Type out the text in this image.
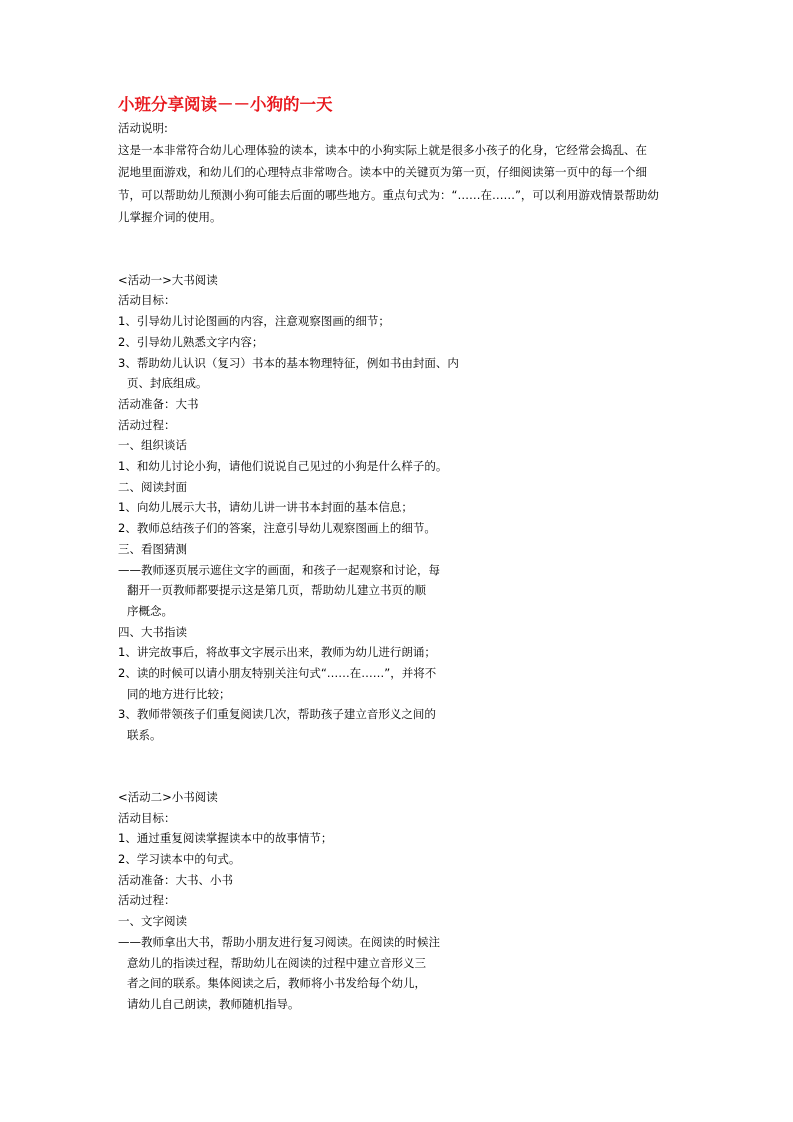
小班分享阅读－－小狗的一天
活动说明:
这是一本非常符合幼儿心理体验的读本，读本中的小狗实际上就是很多小孩子的化身，它经常会捣乱、在
泥地里面游戏，和幼儿们的心理特点非常吻合。读本中的关键页为第一页，仔细阅读第一页中的每一个细
节，可以帮助幼儿预测小狗可能去后面的哪些地方。重点句式为：“……在……”，可以利用游戏情景帮助幼
儿掌握介词的使用。
<活动一>大书阅读
活动目标：
1、引导幼儿讨论图画的内容，注意观察图画的细节；
2、引导幼儿熟悉文字内容；
3、帮助幼儿认识（复习）书本的基本物理特征，例如书由封面、内
页、封底组成。
活动准备：大书
活动过程：
一、组织谈话
1、和幼儿讨论小狗，请他们说说自己见过的小狗是什么样子的。
二、阅读封面
1、向幼儿展示大书，请幼儿讲一讲书本封面的基本信息；
2、教师总结孩子们的答案，注意引导幼儿观察图画上的细节。
三、看图猜测
——教师逐页展示遮住文字的画面，和孩子一起观察和讨论，每
翻开一页教师都要提示这是第几页，帮助幼儿建立书页的顺
序概念。
四、大书指读
1、讲完故事后，将故事文字展示出来，教师为幼儿进行朗诵；
2、读的时候可以请小朋友特别关注句式“……在……”，并将不
同的地方进行比较；
3、教师带领孩子们重复阅读几次，帮助孩子建立音形义之间的
联系。
<活动二>小书阅读
活动目标：
1、通过重复阅读掌握读本中的故事情节；
2、学习读本中的句式。
活动准备：大书、小书
活动过程：
一、文字阅读
——教师拿出大书，帮助小朋友进行复习阅读。在阅读的时候注
意幼儿的指读过程，帮助幼儿在阅读的过程中建立音形义三
者之间的联系。集体阅读之后，教师将小书发给每个幼儿，
请幼儿自己朗读，教师随机指导。
